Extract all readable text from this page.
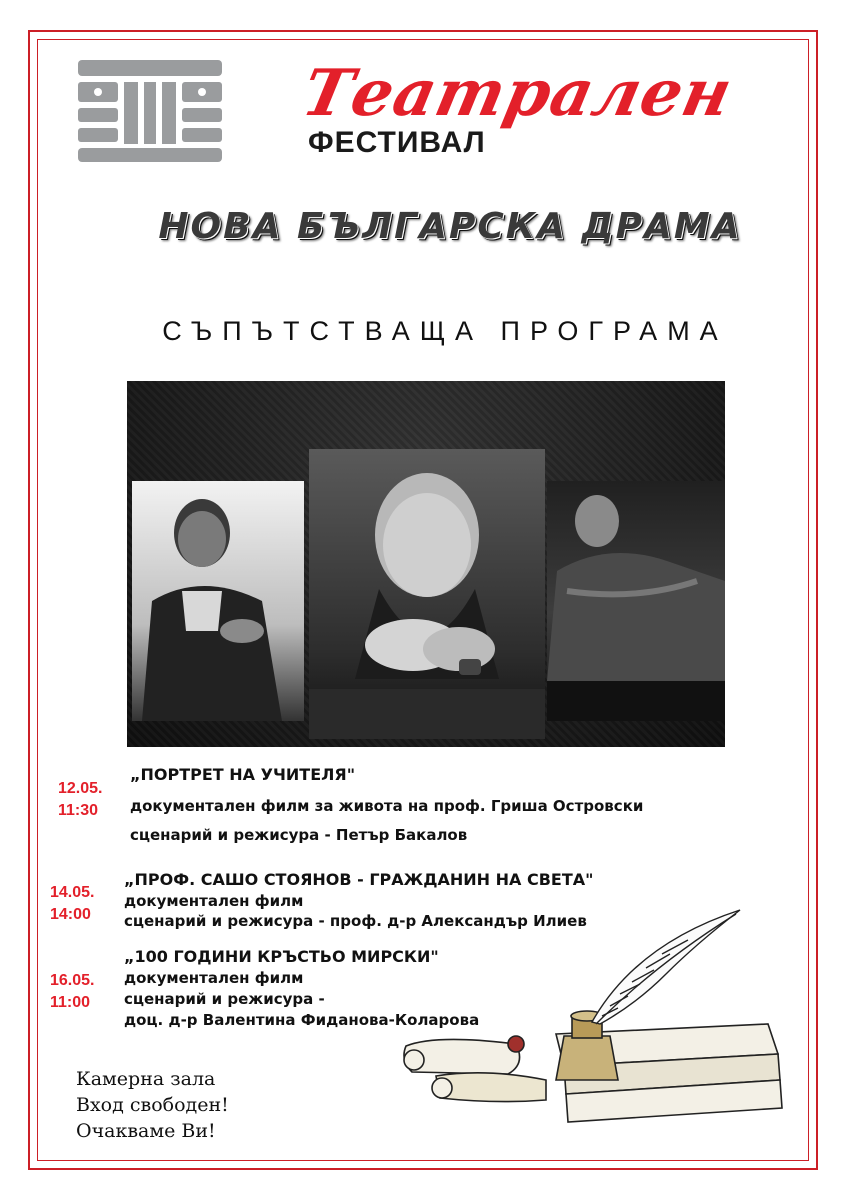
Театрален
ФЕСТИВАЛ
НОВА БЪЛГАРСКА ДРАМА
СЪПЪТСТВАЩА ПРОГРАМА
12.05.
11:30
„ПОРТРЕТ НА УЧИТЕЛЯ"
документален филм за живота на проф. Гриша Островски
сценарий и режисура - Петър Бакалов
14.05.
14:00
„ПРОФ. САШО СТОЯНОВ - ГРАЖДАНИН НА СВЕТА"
документален филм
сценарий и режисура - проф. д-р Александър Илиев
16.05.
11:00
„100 ГОДИНИ КРЪСТЬО МИРСКИ"
документален филм
сценарий и режисура -
доц. д-р Валентина Фиданова-Коларова
Камерна зала
Вход свободен!
Очакваме Ви!
